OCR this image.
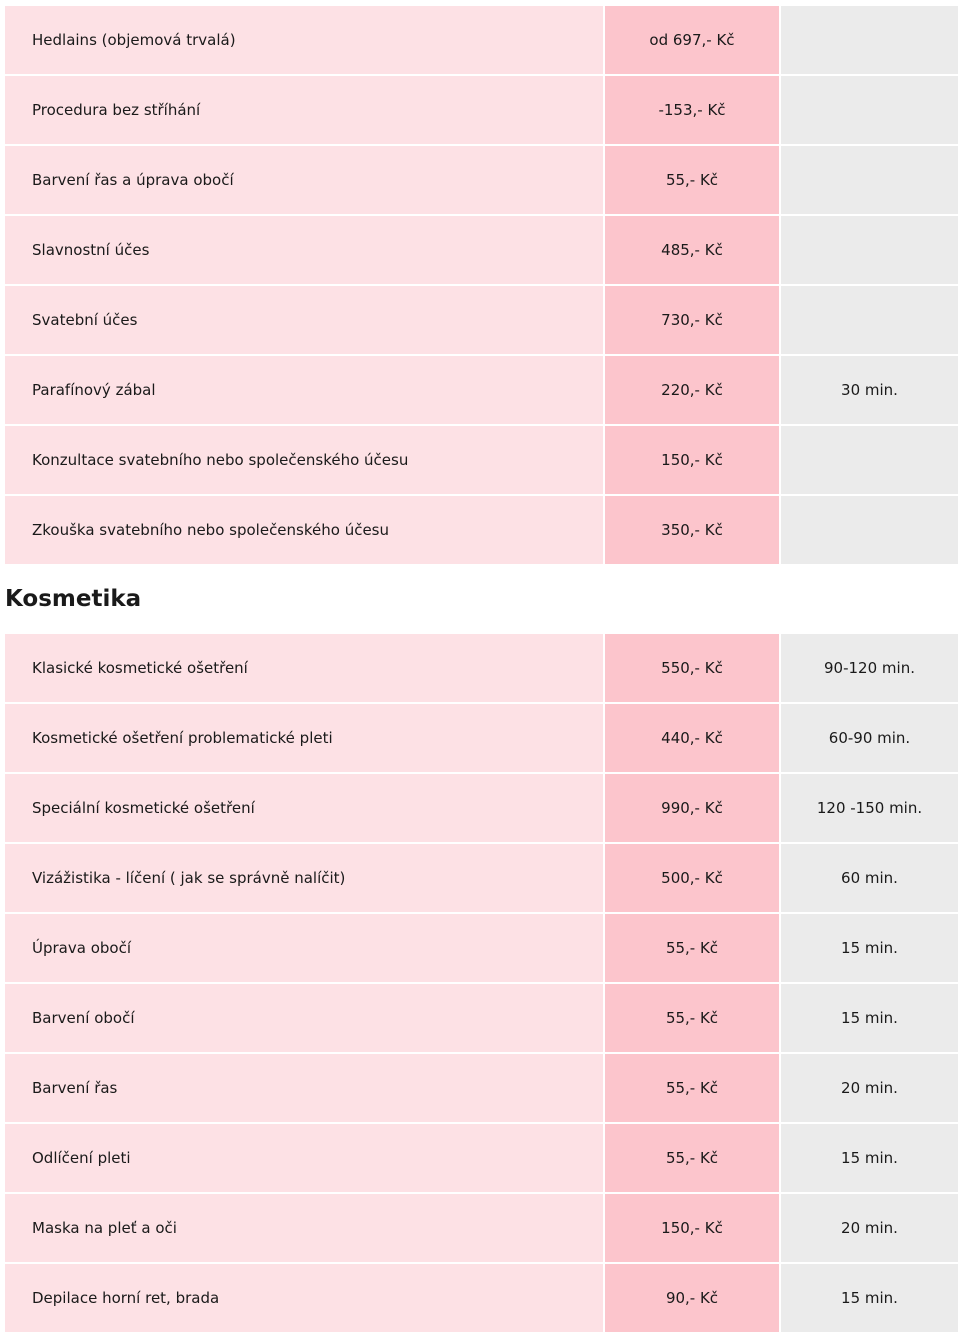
Hedlains (objemová trvalá)	od 697,- Kč
Procedura bez stříhání	-153,- Kč
Barvení řas a úprava obočí	55,- Kč
Slavnostní účes	485,- Kč
Svatební účes	730,- Kč
Parafínový zábal	220,- Kč	30 min.
Konzultace svatebního nebo společenského účesu	150,- Kč
Zkouška svatebního nebo společenského účesu	350,- Kč
Kosmetika
Klasické kosmetické ošetření	550,- Kč	90-120 min.
Kosmetické ošetření problematické pleti	440,- Kč	60-90 min.
Speciální kosmetické ošetření	990,- Kč	120 -150 min.
Vizážistika - líčení ( jak se správně nalíčit)	500,- Kč	60 min.
Úprava obočí	55,- Kč	15 min.
Barvení obočí	55,- Kč	15 min.
Barvení řas	55,- Kč	20 min.
Odlíčení pleti	55,- Kč	15 min.
Maska na pleť a oči	150,- Kč	20 min.
Depilace horní ret, brada	90,- Kč	15 min.
